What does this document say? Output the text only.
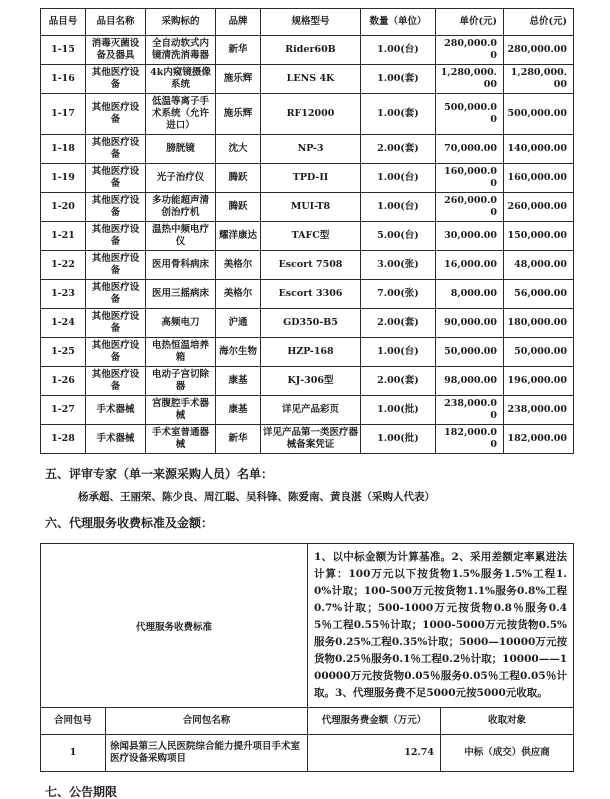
品目号	品目名称	采购标的	品牌	规格型号	数量（单位）	单价(元)	总价(元)
1-15	消毒灭菌设备及器具	全自动软式内镜清洗消毒器	新华	Rider60B	1.00(台)	280,000.00	280,000.00
1-16	其他医疗设备	4k内窥镜摄像系统	施乐辉	LENS 4K	1.00(套)	1,280,000.00	1,280,000.00
1-17	其他医疗设备	低温等离子手术系统（允许进口）	施乐辉	RF12000	1.00(套)	500,000.00	500,000.00
1-18	其他医疗设备	膀胱镜	沈大	NP-3	2.00(套)	70,000.00	140,000.00
1-19	其他医疗设备	光子治疗仪	腾跃	TPD-II	1.00(台)	160,000.00	160,000.00
1-20	其他医疗设备	多功能超声清创治疗机	腾跃	MUI-T8	1.00(台)	260,000.00	260,000.00
1-21	其他医疗设备	温热中频电疗仪	耀洋康达	TAFC型	5.00(台)	30,000.00	150,000.00
1-22	其他医疗设备	医用骨科病床	美格尔	Escort 7508	3.00(张)	16,000.00	48,000.00
1-23	其他医疗设备	医用三摇病床	美格尔	Escort 3306	7.00(张)	8,000.00	56,000.00
1-24	其他医疗设备	高频电刀	沪通	GD350-B5	2.00(套)	90,000.00	180,000.00
1-25	其他医疗设备	电热恒温培养箱	海尔生物	HZP-168	1.00(台)	50,000.00	50,000.00
1-26	其他医疗设备	电动子宫切除器	康基	KJ-306型	2.00(套)	98,000.00	196,000.00
1-27	手术器械	宫腹腔手术器械	康基	详见产品彩页	1.00(批)	238,000.00	238,000.00
1-28	手术器械	手术室普通器械	新华	详见产品第一类医疗器械备案凭证	1.00(批)	182,000.00	182,000.00
五、评审专家（单一来源采购人员）名单：
杨承超、王丽荣、陈少良、周江聪、吴科锋、陈爱南、黄良湛（采购人代表）
六、代理服务收费标准及金额：
代理服务收费标准		1、以中标金额为计算基准。2、采用差额定率累进法计算：100万元以下按货物1.5%服务1.5%工程1.0%计取；100-500万元按货物1.1%服务0.8%工程0.7%计取；500-1000万元按货物0.8％服务0.45％工程0.55％计取；1000-5000万元按货物0.5%服务0.25%工程0.35%计取；5000—10000万元按货物0.25％服务0.1％工程0.2％计取；10000——100000万元按货物0.05％服务0.05％工程0.05％计取。3、代理服务费不足5000元按5000元收取。	
合同包号	合同包名称	代理服务费金额（万元）	收取对象
1	徐闻县第三人民医院综合能力提升项目手术室医疗设备采购项目	12.74	中标（成交）供应商
七、公告期限
